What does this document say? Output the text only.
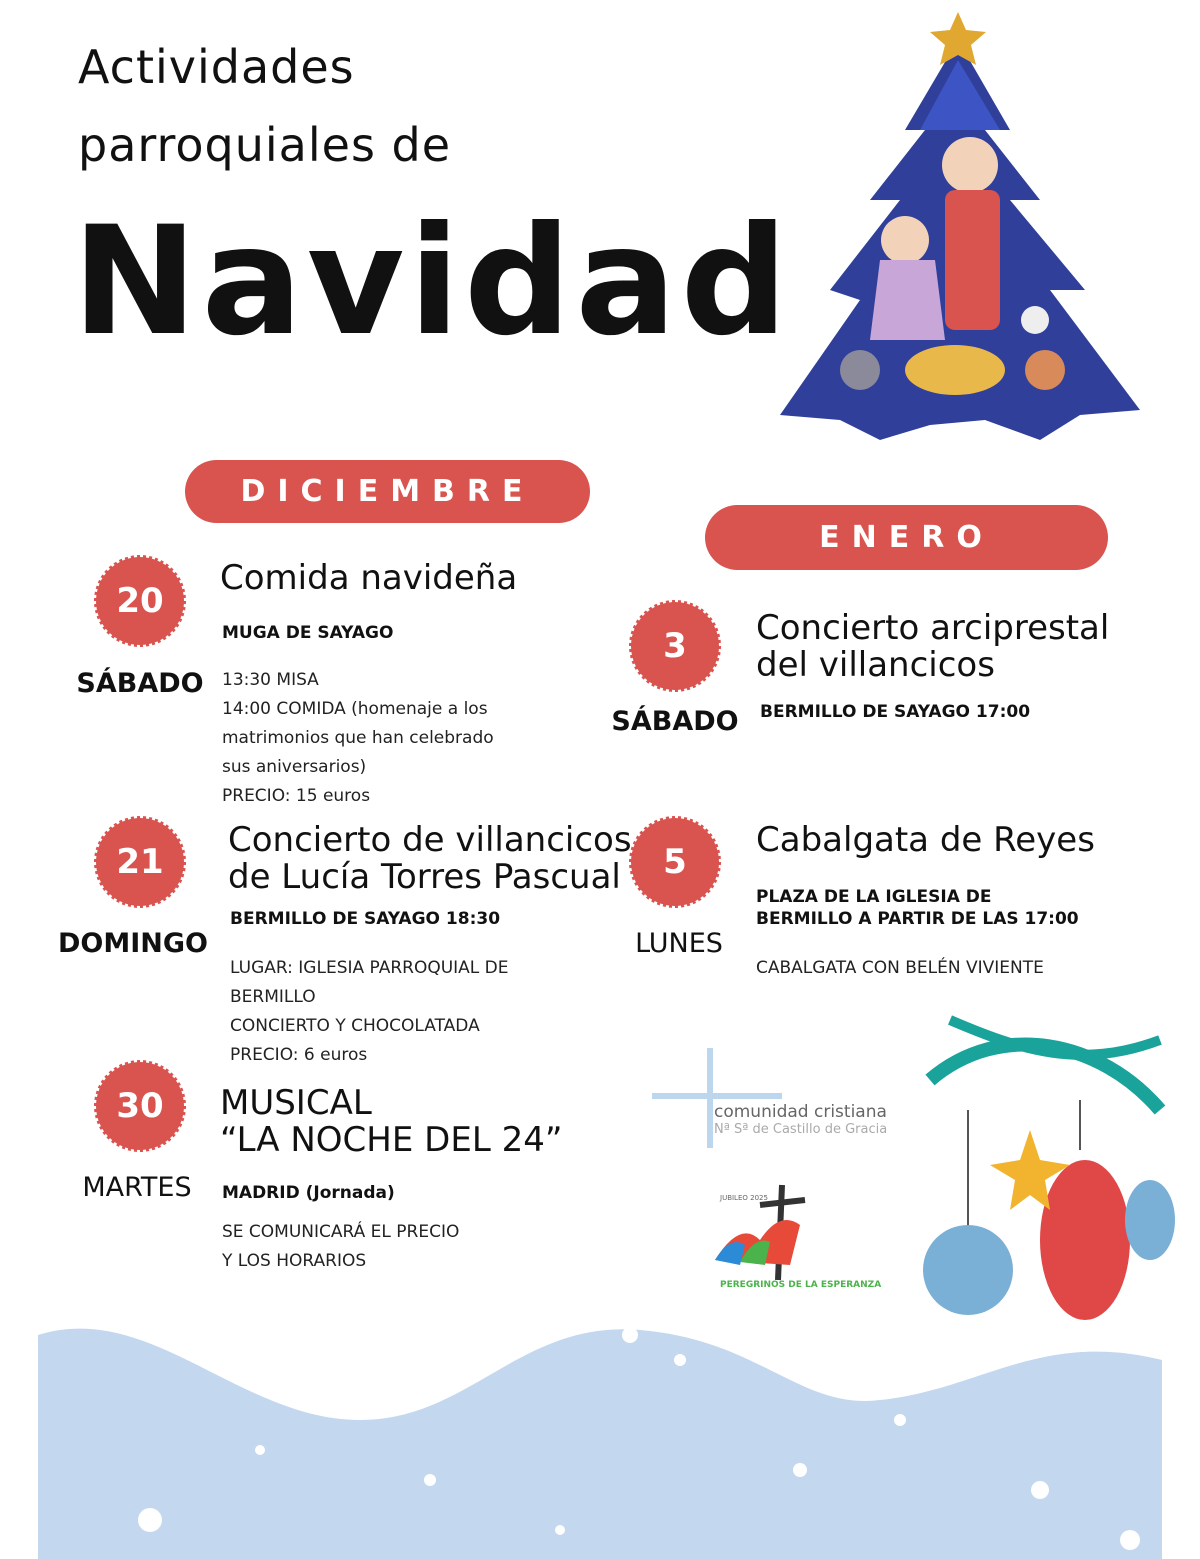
Actividades
parroquiales de
Navidad
DICIEMBRE
ENERO
20
SÁBADO
Comida navideña
MUGA DE SAYAGO
13:30 MISA
14:00 COMIDA (homenaje a los
matrimonios que han celebrado
sus aniversarios)
PRECIO: 15 euros
21
DOMINGO
Concierto de villancicos
de Lucía Torres Pascual
BERMILLO DE SAYAGO 18:30
LUGAR: IGLESIA PARROQUIAL DE
BERMILLO
CONCIERTO Y CHOCOLATADA
PRECIO: 6 euros
30
MARTES
MUSICAL
“LA NOCHE DEL 24”
MADRID (Jornada)
SE COMUNICARÁ EL PRECIO
Y LOS HORARIOS
3
SÁBADO
Concierto arciprestal
del villancicos
BERMILLO DE SAYAGO 17:00
5
LUNES
Cabalgata de Reyes
PLAZA DE LA IGLESIA DE
BERMILLO A PARTIR DE LAS 17:00
CABALGATA CON BELÉN VIVIENTE
comunidad cristiana
Nª Sª de Castillo de Gracia
PEREGRINOS DE LA ESPERANZA
JUBILEO 2025
